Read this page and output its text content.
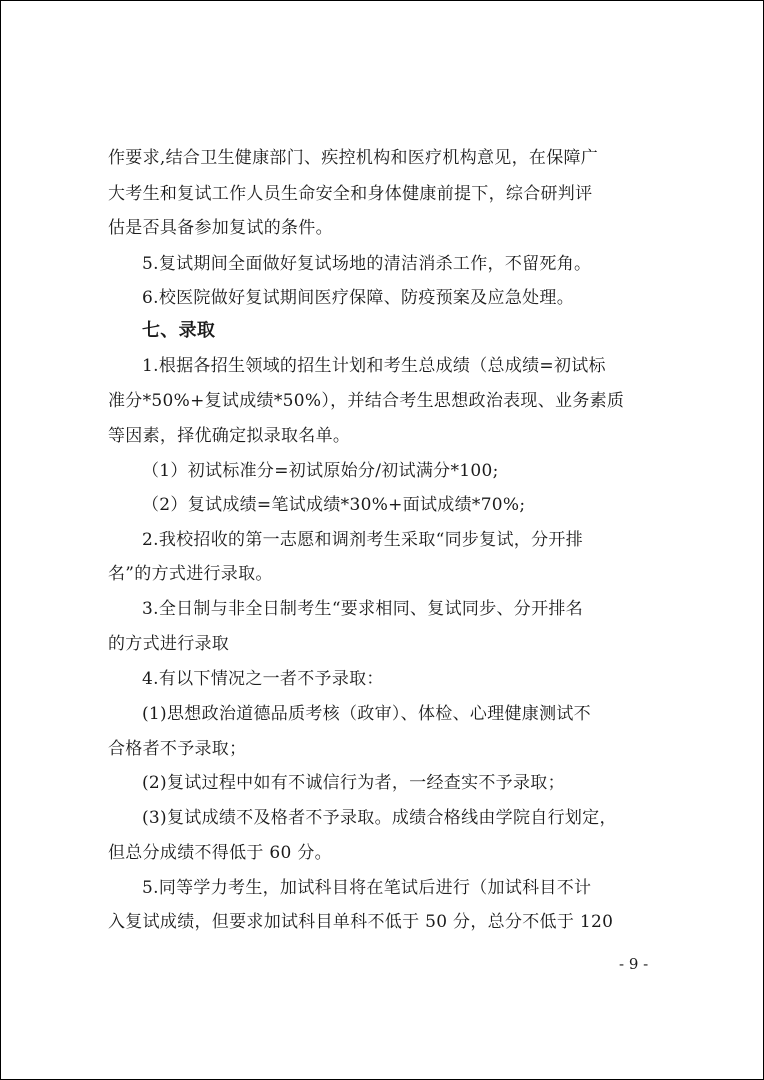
作要求,结合卫生健康部门、疾控机构和医疗机构意见，在保障广
大考生和复试工作人员生命安全和身体健康前提下，综合研判评
估是否具备参加复试的条件。
5.复试期间全面做好复试场地的清洁消杀工作，不留死角。
6.校医院做好复试期间医疗保障、防疫预案及应急处理。
七、录取
1.根据各招生领域的招生计划和考生总成绩（总成绩=初试标
准分*50%+复试成绩*50%），并结合考生思想政治表现、业务素质
等因素，择优确定拟录取名单。
（1）初试标准分=初试原始分/初试满分*100;
（2）复试成绩=笔试成绩*30%+面试成绩*70%;
2.我校招收的第一志愿和调剂考生采取“同步复试，分开排
名”的方式进行录取。
3.全日制与非全日制考生“要求相同、复试同步、分开排名
的方式进行录取
4.有以下情况之一者不予录取：
(1)思想政治道德品质考核（政审）、体检、心理健康测试不
合格者不予录取；
(2)复试过程中如有不诚信行为者，一经查实不予录取；
(3)复试成绩不及格者不予录取。成绩合格线由学院自行划定，
但总分成绩不得低于 60 分。
5.同等学力考生，加试科目将在笔试后进行（加试科目不计
入复试成绩，但要求加试科目单科不低于 50 分，总分不低于 120
- 9 -
